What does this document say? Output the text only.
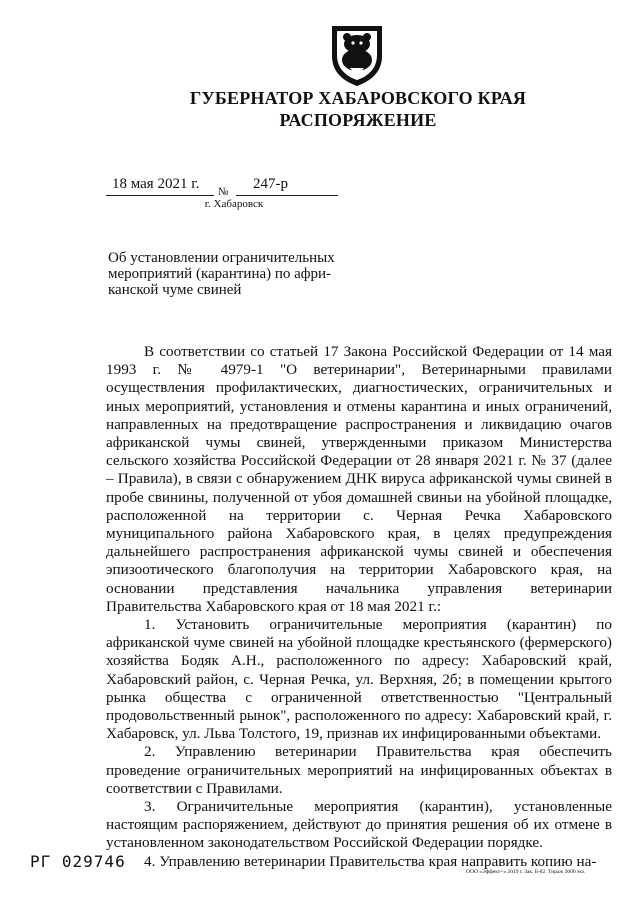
ГУБЕРНАТОР ХАБАРОВСКОГО КРАЯ
РАСПОРЯЖЕНИЕ
18 мая 2021 г. № 247-р
г. Хабаровск
Об установлении ограничительных
мероприятий (карантина) по афри-
канской чуме свиней

В соответствии со статьей 17 Закона Российской Федерации от 14 мая 1993 г. № 4979-1 "О ветеринарии", Ветеринарными правилами осуществления профилактических, диагностических, ограничительных и иных мероприятий, установления и отмены карантина и иных ограничений, направленных на предотвращение распространения и ликвидацию очагов африканской чумы свиней, утвержденными приказом Министерства сельского хозяйства Российской Федерации от 28 января 2021 г. № 37 (далее – Правила), в связи с обнаружением ДНК вируса африканской чумы свиней в пробе свинины, полученной от убоя домашней свиньи на убойной площадке, расположенной на территории с. Черная Речка Хабаровского муниципального района Хабаровского края, в целях предупреждения дальнейшего распространения африканской чумы свиней и обеспечения эпизоотического благополучия на территории Хабаровского края, на основании представления начальника управления ветеринарии Правительства Хабаровского края от 18 мая 2021 г.:

1. Установить ограничительные мероприятия (карантин) по африканской чуме свиней на убойной площадке крестьянского (фермерского) хозяйства Бодяк А.Н., расположенного по адресу: Хабаровский край, Хабаровский район, с. Черная Речка, ул. Верхняя, 2б; в помещении крытого рынка общества с ограниченной ответственностью "Центральный продовольственный рынок", расположенного по адресу: Хабаровский край, г. Хабаровск, ул. Льва Толстого, 19, признав их инфицированными объектами.

2. Управлению ветеринарии Правительства края обеспечить проведение ограничительных мероприятий на инфицированных объектах в соответствии с Правилами.

3. Ограничительные мероприятия (карантин), установленные настоящим распоряжением, действуют до принятия решения об их отмене в установленном законодательством Российской Федерации порядке.

4. Управлению ветеринарии Правительства края направить копию на-

РГ 029746
ООО «Эффект+» 2019 г. Зак. Б-82. Тираж 3000 экз.
